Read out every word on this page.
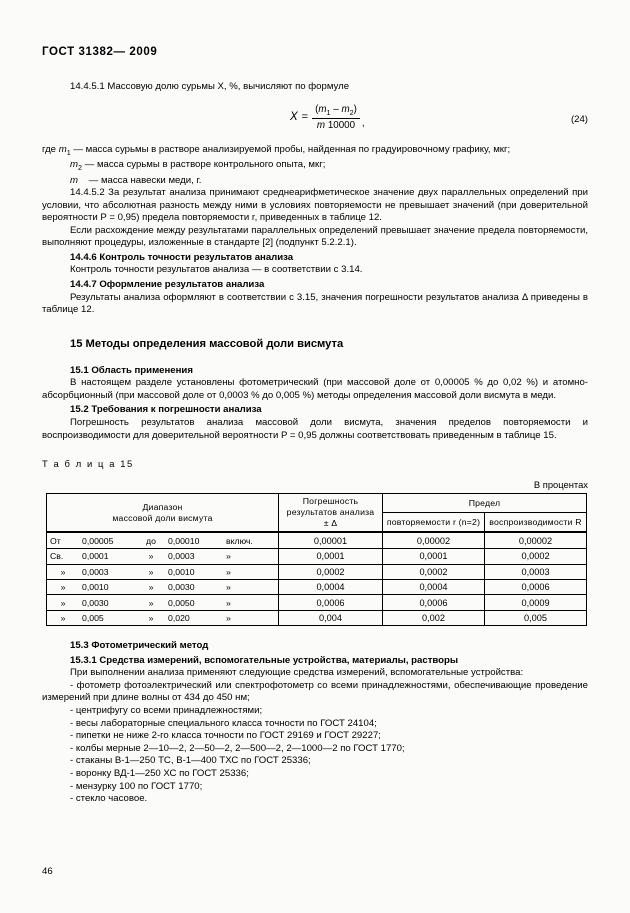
ГОСТ 31382— 2009

14.4.5.1 Массовую долю сурьмы X, %, вычисляют по формуле

$X = \frac{(m_1 - m_2)}{m 10000}$ ,	(24)
где $m_1$ — масса сурьмы в растворе анализируемой пробы, найденная по градуировочному графику, мкг;
$m_2$ — масса сурьмы в растворе контрольного опыта, мкг;
m — масса навески меди, г.

14.4.5.2 За результат анализа принимают среднеарифметическое значение двух параллельных определений при условии, что абсолютная разность между ними в условиях повторяемости не превышает значений (при доверительной вероятности P = 0,95) предела повторяемости r, приведенных в таблице 12.

Если расхождение между результатами параллельных определений превышает значение предела повторяемости, выполняют процедуры, изложенные в стандарте [2] (подпункт 5.2.2.1).

14.4.6 Контроль точности результатов анализа

Контроль точности результатов анализа — в соответствии с 3.14.

14.4.7 Оформление результатов анализа

Результаты анализа оформляют в соответствии с 3.15, значения погрешности результатов анализа Δ приведены в таблице 12.

15 Методы определения массовой доли висмута
15.1 Область применения

В настоящем разделе установлены фотометрический (при массовой доле от 0,00005 % до 0,02 %) и атомно-абсорбционный (при массовой доле от 0,0003 % до 0,005 %) методы определения массовой доли висмута в меди.

15.2 Требования к погрешности анализа

Погрешность результатов анализа массовой доли висмута, значения пределов повторяемости и воспроизводимости для доверительной вероятности P = 0,95 должны соответствовать приведенным в таблице 15.

Т а б л и ц а 15
В процентах
Диапазон
массовой доли висмута	Погрешность
результатов анализа
± Δ	Предел	
		повторяемости r (n=2)	воспроизводимости R

От 0,00005 до 0,00010 включ.	0,00001	0,00002	0,00002

Св. 0,0001 » 0,0003 »	0,0001	0,0001	0,0002

» 0,0003 » 0,0010 »	0,0002	0,0002	0,0003

» 0,0010 » 0,0030 »	0,0004	0,0004	0,0006

» 0,0030 » 0,0050 »	0,0006	0,0006	0,0009

» 0,005 » 0,020 »	0,004	0,002	0,005
15.3 Фотометрический метод
15.3.1 Средства измерений, вспомогательные устройства, материалы, растворы

При выполнении анализа применяют следующие средства измерений, вспомогательные устройства:

- фотометр фотоэлектрический или спектрофотометр со всеми принадлежностями, обеспечивающие проведение измерений при длине волны от 434 до 450 нм;
- центрифугу со всеми принадлежностями;
- весы лабораторные специального класса точности по ГОСТ 24104;
- пипетки не ниже 2-го класса точности по ГОСТ 29169 и ГОСТ 29227;
- колбы мерные 2—10—2, 2—50—2, 2—500—2, 2—1000—2 по ГОСТ 1770;
- стаканы В-1—250 ТС, В-1—400 ТХС по ГОСТ 25336;
- воронку ВД-1—250 ХС по ГОСТ 25336;
- мензурку 100 по ГОСТ 1770;
- стекло часовое.
46
